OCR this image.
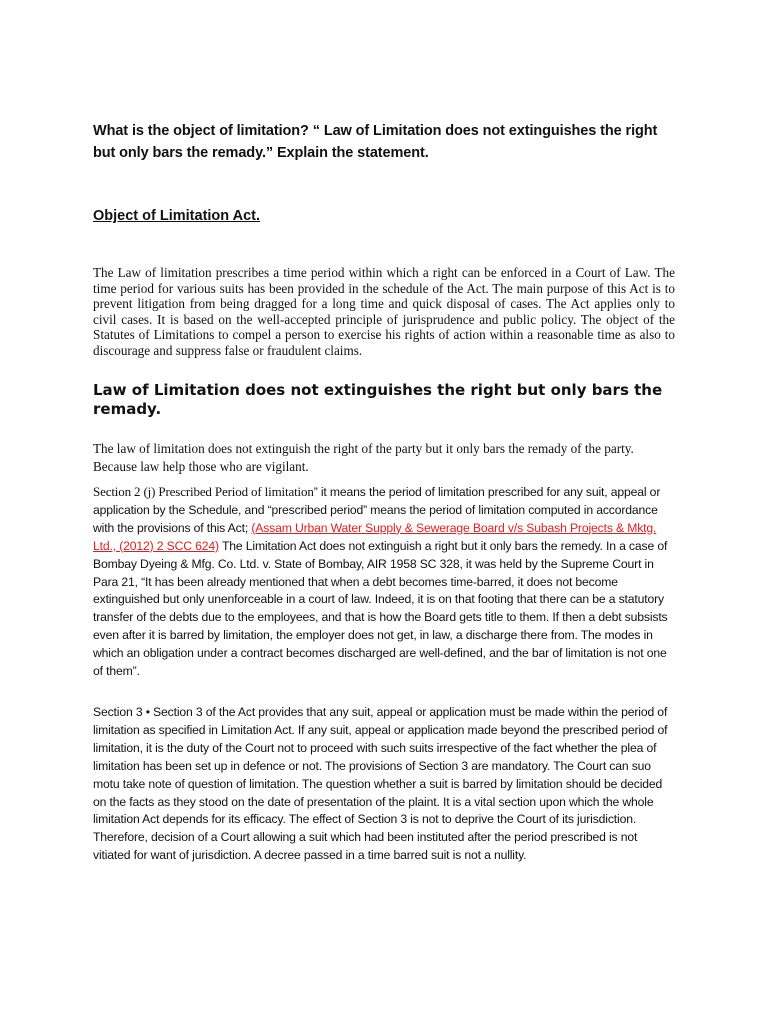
What is the object of limitation? “ Law of Limitation does not extinguishes the right but only bars the remady.” Explain the statement.

Object of Limitation Act.

The Law of limitation prescribes a time period within which a right can be enforced in a Court of Law. The time period for various suits has been provided in the schedule of the Act. The main purpose of this Act is to prevent litigation from being dragged for a long time and quick disposal of cases. The Act applies only to civil cases. It is based on the well-accepted principle of jurisprudence and public policy. The object of the Statutes of Limitations to compel a person to exercise his rights of action within a reasonable time as also to discourage and suppress false or fraudulent claims.

Law of Limitation does not extinguishes the right but only bars the remady.

The law of limitation does not extinguish the right of the party but it only bars the remady of the party. Because law help those who are vigilant.

Section 2 (j) Prescribed Period of limitation” it means the period of limitation prescribed for any suit, appeal or application by the Schedule, and “prescribed period” means the period of limitation computed in accordance with the provisions of this Act; (Assam Urban Water Supply & Sewerage Board v/s Subash Projects & Mktg. Ltd., (2012) 2 SCC 624) The Limitation Act does not extinguish a right but it only bars the remedy. In a case of Bombay Dyeing & Mfg. Co. Ltd. v. State of Bombay, AIR 1958 SC 328, it was held by the Supreme Court in Para 21, “It has been already mentioned that when a debt becomes time-barred, it does not become extinguished but only unenforceable in a court of law. Indeed, it is on that footing that there can be a statutory transfer of the debts due to the employees, and that is how the Board gets title to them. If then a debt subsists even after it is barred by limitation, the employer does not get, in law, a discharge there from. The modes in which an obligation under a contract becomes discharged are well-defined, and the bar of limitation is not one of them”.

Section 3 • Section 3 of the Act provides that any suit, appeal or application must be made within the period of limitation as specified in Limitation Act. If any suit, appeal or application made beyond the prescribed period of limitation, it is the duty of the Court not to proceed with such suits irrespective of the fact whether the plea of limitation has been set up in defence or not. The provisions of Section 3 are mandatory. The Court can suo motu take note of question of limitation. The question whether a suit is barred by limitation should be decided on the facts as they stood on the date of presentation of the plaint. It is a vital section upon which the whole limitation Act depends for its efficacy. The effect of Section 3 is not to deprive the Court of its jurisdiction. Therefore, decision of a Court allowing a suit which had been instituted after the period prescribed is not vitiated for want of jurisdiction. A decree passed in a time barred suit is not a nullity.
